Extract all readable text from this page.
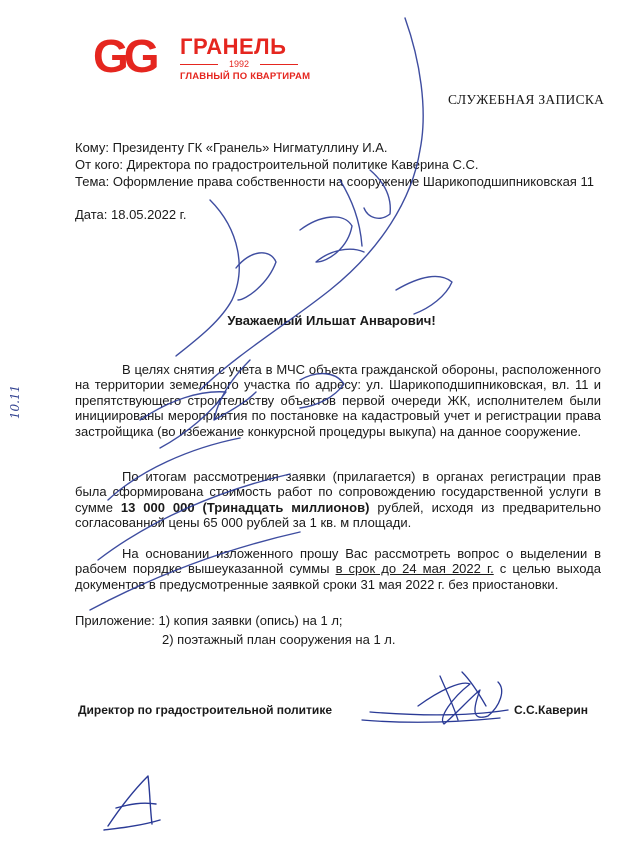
GG ГРАНЕЛЬ
1992
ГЛАВНЫЙ ПО КВАРТИРАМ
СЛУЖЕБНАЯ ЗАПИСКА
Кому: Президенту ГК «Гранель» Нигматуллину И.А.
От кого: Директора по градостроительной политике Каверина С.С.
Тема: Оформление права собственности на сооружение Шарикоподшипниковская 11
Дата: 18.05.2022 г.
Уважаемый Ильшат Анварович!

В целях снятия с учета в МЧС объекта гражданской обороны, расположенного на территории земельного участка по адресу: ул. Шарикоподшипниковская, вл. 11 и препятствующего строительству объектов первой очереди ЖК, исполнителем были инициированы мероприятия по постановке на кадастровый учет и регистрации права застройщика (во избежание конкурсной процедуры выкупа) на данное сооружение.

По итогам рассмотрения заявки (прилагается) в органах регистрации прав была сформирована стоимость работ по сопровождению государственной услуги в сумме 13 000 000 (Тринадцать миллионов) рублей, исходя из предварительно согласованной цены 65 000 рублей за 1 кв. м площади.

На основании изложенного прошу Вас рассмотреть вопрос о выделении в рабочем порядке вышеуказанной суммы в срок до 24 мая 2022 г. с целью выхода документов в предусмотренные заявкой сроки 31 мая 2022 г. без приостановки.

Приложение: 1) копия заявки (опись) на 1 л;
2) поэтажный план сооружения на 1 л.
Директор по градостроительной политике	С.С.Каверин
10.11
